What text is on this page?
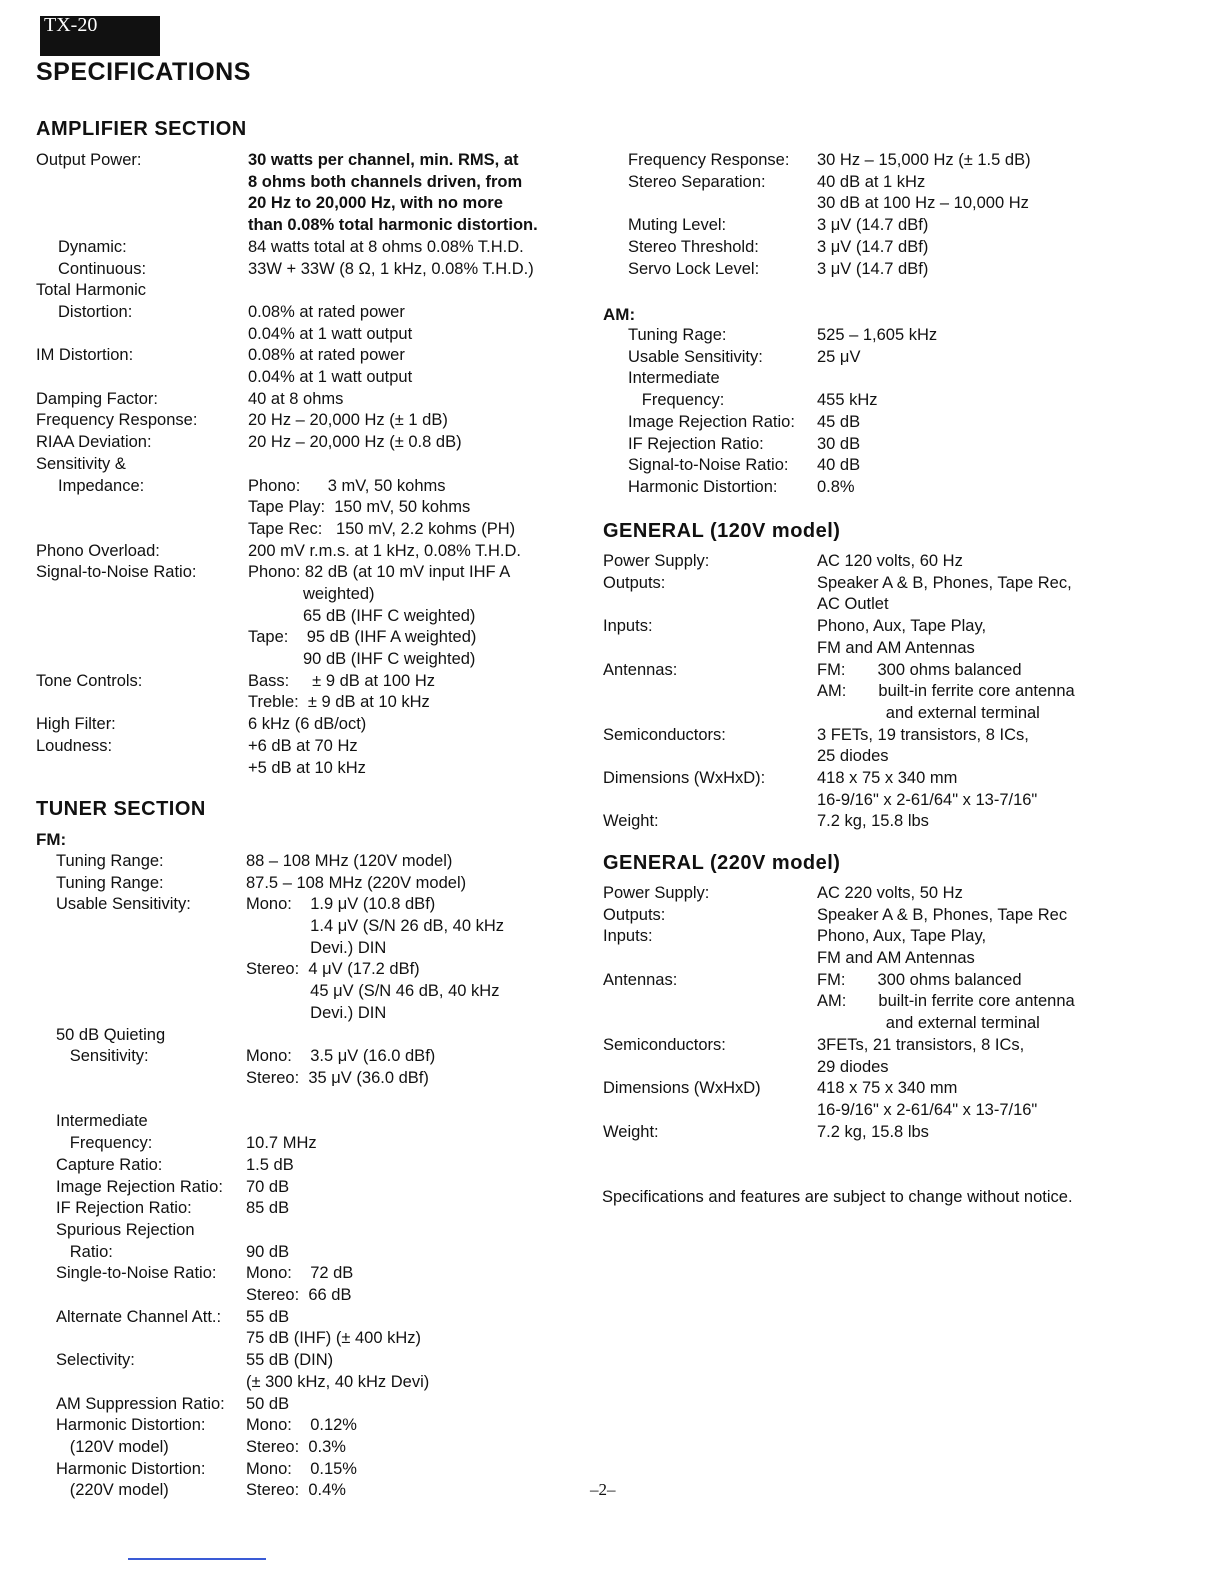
TX-20
SPECIFICATIONS
AMPLIFIER SECTION
Output Power:	30 watts per channel, min. RMS, at
8 ohms both channels driven, from
20 Hz to 20,000 Hz, with no more
than 0.08% total harmonic distortion.
Dynamic:	84 watts total at 8 ohms 0.08% T.H.D.
Continuous:	33W + 33W (8 Ω, 1 kHz, 0.08% T.H.D.)
Total Harmonic
Distortion:	0.08% at rated power
0.04% at 1 watt output
IM Distortion:	0.08% at rated power
0.04% at 1 watt output
Damping Factor:	40 at 8 ohms
Frequency Response:	20 Hz – 20,000 Hz (± 1 dB)
RIAA Deviation:	20 Hz – 20,000 Hz (± 0.8 dB)
Sensitivity &
Impedance:	Phono:      3 mV, 50 kohms
Tape Play:  150 mV, 50 kohms
Tape Rec:   150 mV, 2.2 kohms (PH)
Phono Overload:	200 mV r.m.s. at 1 kHz, 0.08% T.H.D.
Signal-to-Noise Ratio:	Phono: 82 dB (at 10 mV input IHF A
weighted)
65 dB (IHF C weighted)
Tape:    95 dB (IHF A weighted)
90 dB (IHF C weighted)
Tone Controls:	Bass:     ± 9 dB at 100 Hz
Treble:  ± 9 dB at 10 kHz
High Filter:	6 kHz (6 dB/oct)
Loudness:	+6 dB at 70 Hz
+5 dB at 10 kHz
TUNER SECTION
FM:
Tuning Range:	88 – 108 MHz (120V model)
Tuning Range:	87.5 – 108 MHz (220V model)
Usable Sensitivity:	Mono:    1.9 μV (10.8 dBf)
1.4 μV (S/N 26 dB, 40 kHz
Devi.) DIN
Stereo:  4 μV (17.2 dBf)
45 μV (S/N 46 dB, 40 kHz
Devi.) DIN
50 dB Quieting
Sensitivity:	Mono:    3.5 μV (16.0 dBf)
Stereo:  35 μV (36.0 dBf)
Intermediate
Frequency:	10.7 MHz
Capture Ratio:	1.5 dB
Image Rejection Ratio: 70 dB
IF Rejection Ratio:	85 dB
Spurious Rejection
Ratio:	90 dB
Single-to-Noise Ratio: Mono:    72 dB
Stereo:  66 dB
Alternate Channel Att.: 55 dB
75 dB (IHF) (± 400 kHz)
Selectivity:	55 dB (DIN)
(± 300 kHz, 40 kHz Devi)
AM Suppression Ratio: 50 dB
Harmonic Distortion: Mono:    0.12%
(120V model)	Stereo:  0.3%
Harmonic Distortion: Mono:    0.15%
(220V model)	Stereo:  0.4%
Frequency Response: 30 Hz – 15,000 Hz (± 1.5 dB)
Stereo Separation:	40 dB at 1 kHz
30 dB at 100 Hz – 10,000 Hz
Muting Level:	3 μV (14.7 dBf)
Stereo Threshold:	3 μV (14.7 dBf)
Servo Lock Level:	3 μV (14.7 dBf)
AM:
Tuning Rage:	525 – 1,605 kHz
Usable Sensitivity:	25 μV
Intermediate
Frequency:	455 kHz
Image Rejection Ratio: 45 dB
IF Rejection Ratio:	30 dB
Signal-to-Noise Ratio: 40 dB
Harmonic Distortion: 0.8%
GENERAL (120V model)
Power Supply:	AC 120 volts, 60 Hz
Outputs:	Speaker A & B, Phones, Tape Rec,
AC Outlet
Inputs:	Phono, Aux, Tape Play,
FM and AM Antennas
Antennas:	FM:       300 ohms balanced
AM:       built-in ferrite core antenna
and external terminal
Semiconductors:	3 FETs, 19 transistors, 8 ICs,
25 diodes
Dimensions (WxHxD):	418 x 75 x 340 mm
16-9/16" x 2-61/64" x 13-7/16"
Weight:	7.2 kg, 15.8 lbs
GENERAL (220V model)
Power Supply:	AC 220 volts, 50 Hz
Outputs:	Speaker A & B, Phones, Tape Rec
Inputs:	Phono, Aux, Tape Play,
FM and AM Antennas
Antennas:	FM:       300 ohms balanced
AM:       built-in ferrite core antenna
and external terminal
Semiconductors:	3FETs, 21 transistors, 8 ICs,
29 diodes
Dimensions (WxHxD)	418 x 75 x 340 mm
16-9/16" x 2-61/64" x 13-7/16"
Weight:	7.2 kg, 15.8 lbs
Specifications and features are subject to change without notice.
–2–
